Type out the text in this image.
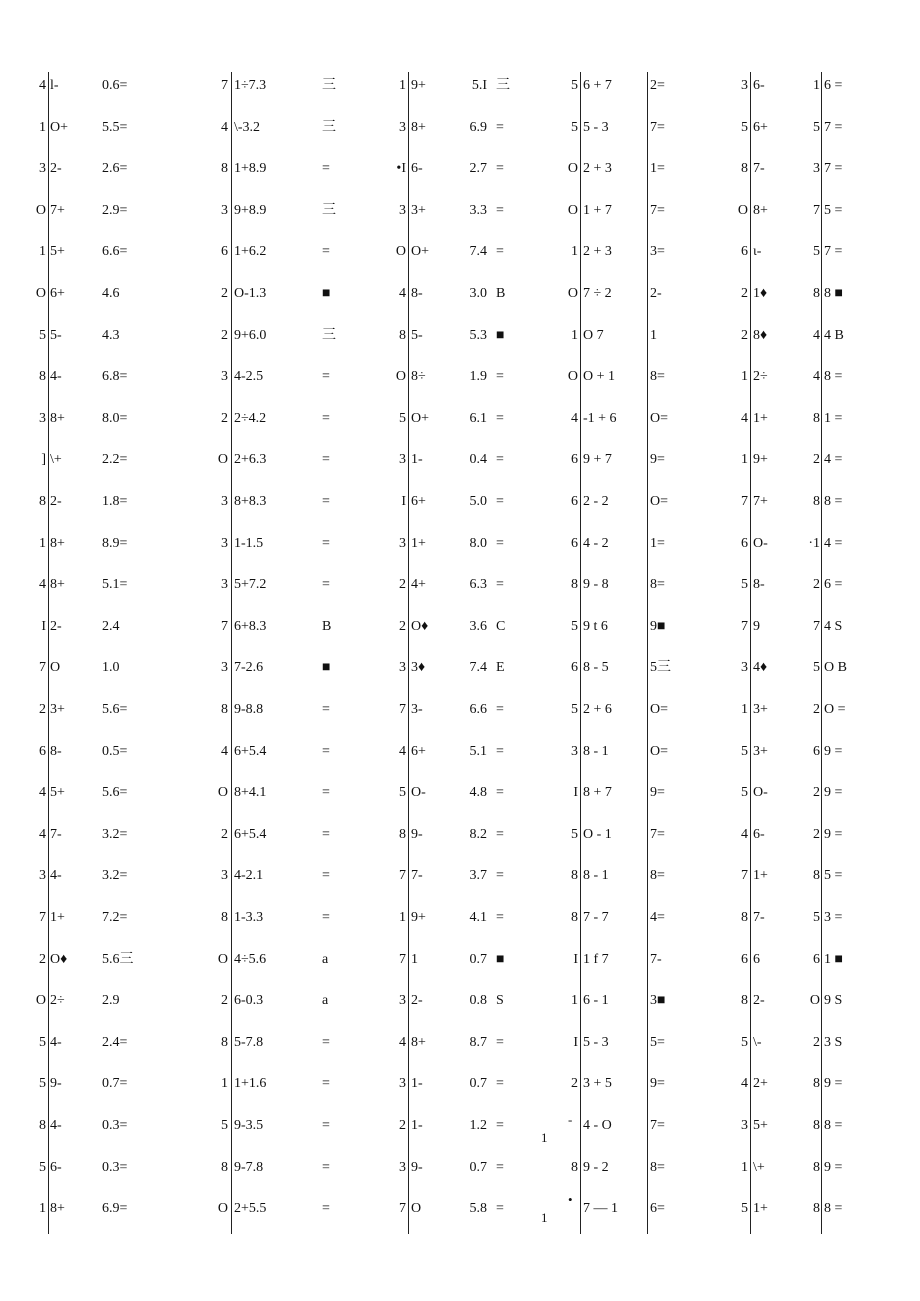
4 l-	0.6=	7 1÷7.3	三	1 9+	5.I 三	5 6 + 7	2=	3 6-	1 6 =
1 O+	5.5=	4 \-3.2	三	3 8+	6.9 =	5 5 - 3	7=	5 6+	5 7 =
3 2-	2.6=	8 1+8.9	=	•I 6-	2.7 =	O 2 + 3	1=	8 7-	3 7 =
O 7+	2.9=	3 9+8.9	三	3 3+	3.3 =	O 1 + 7	7=	O 8+	7 5 =
1 5+	6.6=	6 1+6.2	=	O O+	7.4 =	1 2 + 3	3=	6 ι-	5 7 =
O 6+	4.6	2 O-1.3	■	4 8-	3.0 B	O 7 ÷ 2	2-	2 1♦	8 8 ■
5 5-	4.3	2 9+6.0	三	8 5-	5.3 ■	1 O 7	1	2 8♦	4 4 B
8 4-	6.8=	3 4-2.5	=	O 8÷	1.9 =	O O + 1	8=	1 2÷	4 8 =
3 8+	8.0=	2 2÷4.2	=	5 O+	6.1 =	4 -1 + 6	O=	4 1+	8 1 =
] \+	2.2=	O 2+6.3	=	3 1-	0.4 =	6 9 + 7	9=	1 9+	2 4 =
8 2-	1.8=	3 8+8.3	=	I 6+	5.0 =	6 2 - 2	O=	7 7+	8 8 =
1 8+	8.9=	3 1-1.5	=	3 1+	8.0 =	6 4 - 2	1=	6 O-	·1 4 =
4 8+	5.1=	3 5+7.2	=	2 4+	6.3 =	8 9 - 8	8=	5 8-	2 6 =
I 2-	2.4	7 6+8.3	B	2 O♦	3.6 C	5 9 t 6	9■	7 9	7 4 S
7 O	1.0	3 7-2.6	■	3 3♦	7.4 E	6 8 - 5	5三	3 4♦	5 O B
2 3+	5.6=	8 9-8.8	=	7 3-	6.6 =	5 2 + 6	O=	1 3+	2 O =
6 8-	0.5=	4 6+5.4	=	4 6+	5.1 =	3 8 - 1	O=	5 3+	6 9 =
4 5+	5.6=	O 8+4.1	=	5 O-	4.8 =	I 8 + 7	9=	5 O-	2 9 =
4 7-	3.2=	2 6+5.4	=	8 9-	8.2 =	5 O - 1	7=	4 6-	2 9 =
3 4-	3.2=	3 4-2.1	=	7 7-	3.7 =	8 8 - 1	8=	7 1+	8 5 =
7 1+	7.2=	8 1-3.3	=	1 9+	4.1 =	8 7 - 7	4=	8 7-	5 3 =
2 O♦	5.6三	O 4÷5.6	a	7 1	0.7 ■	I 1 f 7	7-	6 6	6 1 ■
O 2÷	2.9	2 6-0.3	a	3 2-	0.8 S	1 6 - 1	3■	8 2-	O 9 S
5 4-	2.4=	8 5-7.8	=	4 8+	8.7 =	I 5 - 3	5=	5 \-	2 3 S
5 9-	0.7=	1 1+1.6	=	3 1-	0.7 =	2 3 + 5	9=	4 2+	8 9 =
8 4-	0.3=	5 9-3.5	=	2 1-	1.2 =	4 - O	7=	3 5+	8 8 =
5 6-	0.3=	8 9-7.8	=	3 9-	0.7 =	8 9 - 2	8=	1 \+	8 9 =
1 8+	6.9=	O 2+5.5	=	7 O	5.8 =	7 — 1	6=	5 1+	8 8 =
1
-
•
1
